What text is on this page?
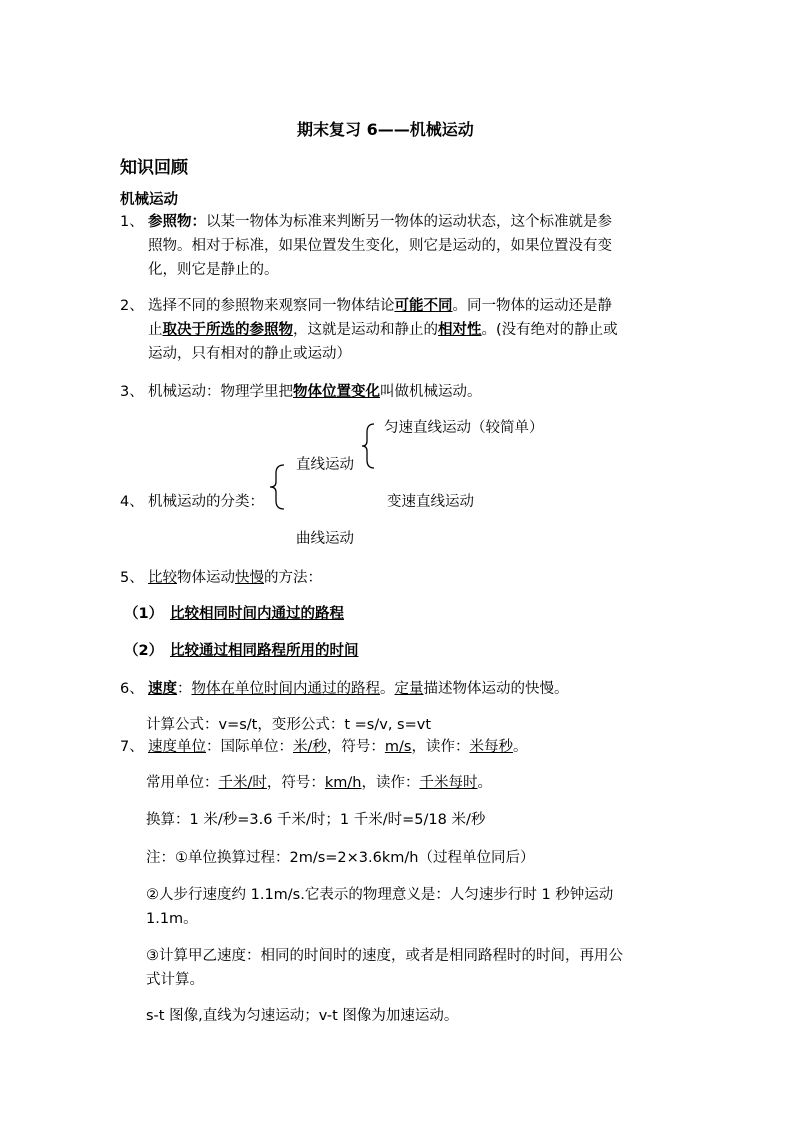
期末复习 6——机械运动
知识回顾
机械运动
1、 参照物：以某一物体为标准来判断另一物体的运动状态，这个标准就是参
照物。相对于标准，如果位置发生变化，则它是运动的，如果位置没有变
化，则它是静止的。
2、 选择不同的参照物来观察同一物体结论可能不同。同一物体的运动还是静
止取决于所选的参照物，这就是运动和静止的相对性。(没有绝对的静止或
运动，只有相对的静止或运动）
3、 机械运动：物理学里把物体位置变化叫做机械运动。
匀速直线运动（较简单）
直线运动
4、 机械运动的分类：	变速直线运动
曲线运动
5、 比较物体运动快慢的方法：
（1） 比较相同时间内通过的路程
（2） 比较通过相同路程所用的时间
6、 速度：物体在单位时间内通过的路程。定量描述物体运动的快慢。
计算公式：v=s/t，变形公式：t =s/v, s=vt
7、 速度单位：国际单位：米/秒，符号：m/s，读作：米每秒。
常用单位：千米/时，符号：km/h，读作：千米每时。
换算：1 米/秒=3.6 千米/时；1 千米/时=5/18 米/秒
注：①单位换算过程：2m/s=2×3.6km/h（过程单位同后）
②人步行速度约 1.1m/s.它表示的物理意义是：人匀速步行时 1 秒钟运动
1.1m。
③计算甲乙速度：相同的时间时的速度，或者是相同路程时的时间，再用公
式计算。
s-t 图像,直线为匀速运动；v-t 图像为加速运动。
